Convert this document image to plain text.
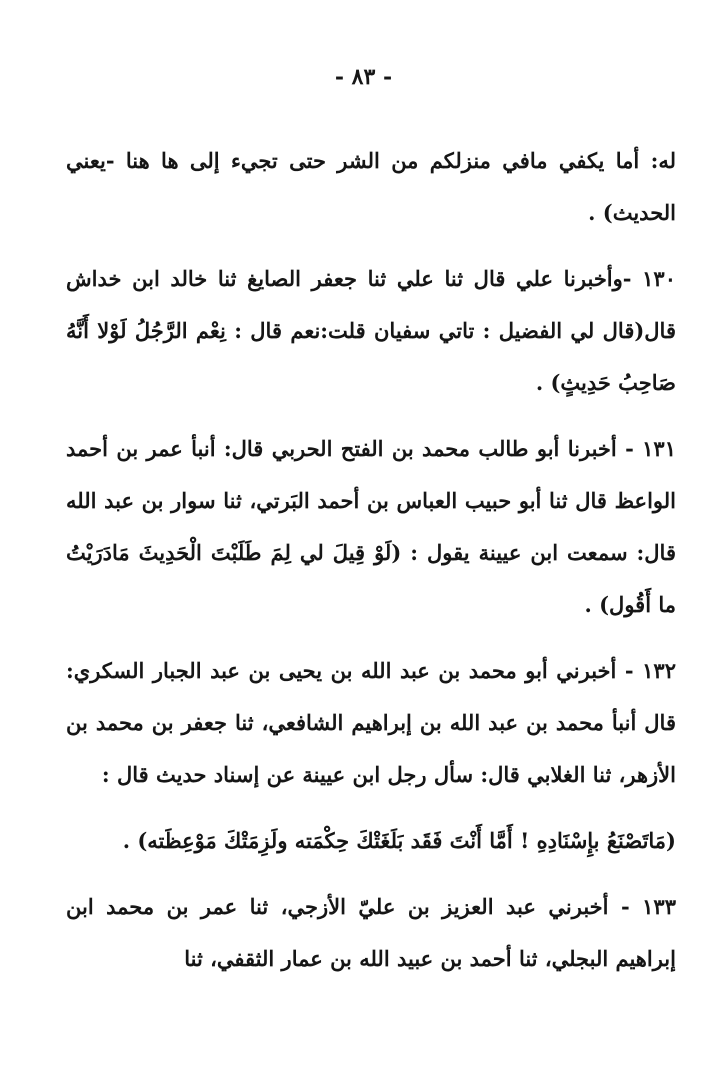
- ٨٣ -

له: أما يكفي مافي منزلكم من الشر حتى تجيء إلى ها هنا -يعني الحديث) .

١٣٠ -وأخبرنا علي قال ثنا علي ثنا جعفر الصايغ ثنا خالد ابن خداش قال(قال لي الفضيل : تاتي سفيان قلت:نعم قال : نِعْم الرَّجُلُ لَوْلا أَنَّهُ صَاحِبُ حَدِيثٍ) .

١٣١ - أخبرنا أبو طالب محمد بن الفتح الحربي قال: أنبأ عمر بن أحمد الواعظ قال ثنا أبو حبيب العباس بن أحمد البَرتي، ثنا سوار بن عبد الله قال: سمعت ابن عيينة يقول : (لَوْ قِيلَ لي لِمَ طَلَبْتَ الْحَدِيثَ مَادَرَيْتُ ما أَقُول) .

١٣٢ - أخبرني أبو محمد بن عبد الله بن يحيى بن عبد الجبار السكري: قال أنبأ محمد بن عبد الله بن إبراهيم الشافعي، ثنا جعفر بن محمد بن الأزهر، ثنا الغلابي قال: سأل رجل ابن عيينة عن إسناد حديث قال :

(مَاتَصْنَعُ بإِسْنَادِهِ ! أَمَّا أَنْتَ فَقَد بَلَغَتْكَ حِكْمَته ولَزِمَتْكَ مَوْعِظَته) .

١٣٣ - أخبرني عبد العزيز بن عليّ الأزجي، ثنا عمر بن محمد ابن إبراهيم البجلي، ثنا أحمد بن عبيد الله بن عمار الثقفي، ثنا
